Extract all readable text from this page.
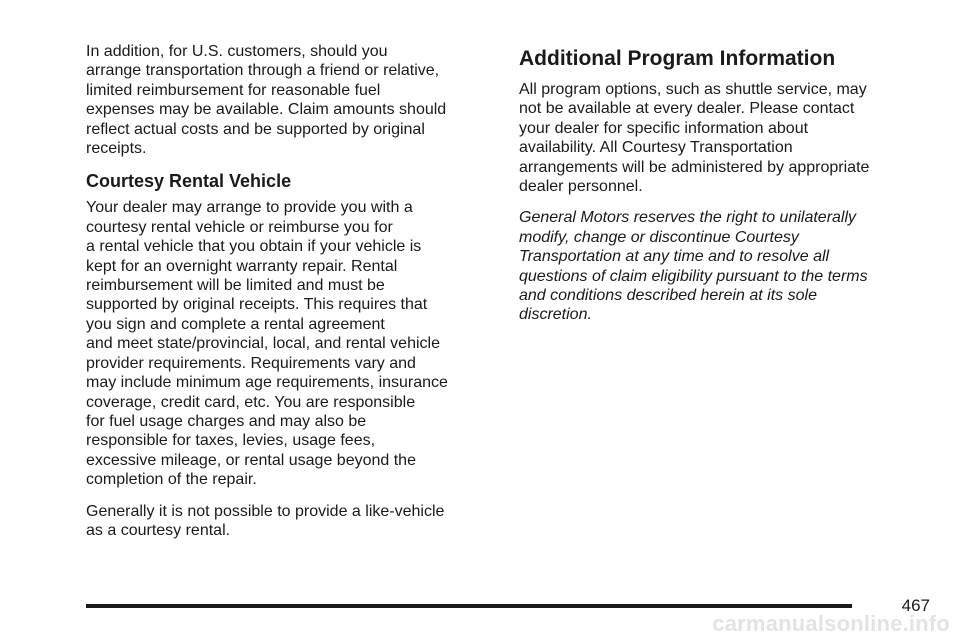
In addition, for U.S. customers, should you
arrange transportation through a friend or relative,
limited reimbursement for reasonable fuel
expenses may be available. Claim amounts should
reflect actual costs and be supported by original
receipts.

Courtesy Rental Vehicle

Your dealer may arrange to provide you with a
courtesy rental vehicle or reimburse you for
a rental vehicle that you obtain if your vehicle is
kept for an overnight warranty repair. Rental
reimbursement will be limited and must be
supported by original receipts. This requires that
you sign and complete a rental agreement
and meet state/provincial, local, and rental vehicle
provider requirements. Requirements vary and
may include minimum age requirements, insurance
coverage, credit card, etc. You are responsible
for fuel usage charges and may also be
responsible for taxes, levies, usage fees,
excessive mileage, or rental usage beyond the
completion of the repair.

Generally it is not possible to provide a like-vehicle
as a courtesy rental.

Additional Program Information

All program options, such as shuttle service, may
not be available at every dealer. Please contact
your dealer for specific information about
availability. All Courtesy Transportation
arrangements will be administered by appropriate
dealer personnel.

General Motors reserves the right to unilaterally
modify, change or discontinue Courtesy
Transportation at any time and to resolve all
questions of claim eligibility pursuant to the terms
and conditions described herein at its sole
discretion.

467
carmanualsonline.info
